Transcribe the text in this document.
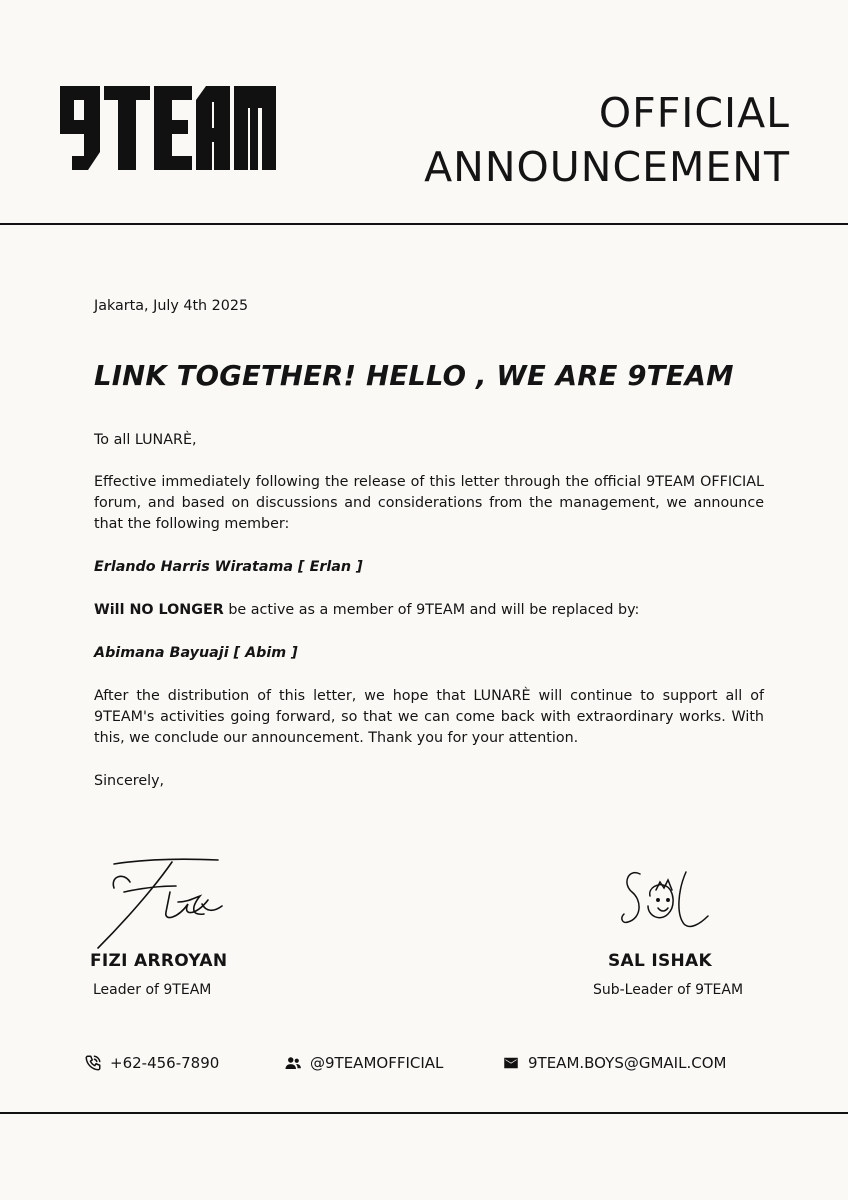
OFFICIAL
ANNOUNCEMENT
Jakarta, July 4th 2025
LINK TOGETHER! HELLO , WE ARE 9TEAM
To all LUNARÈ,
Effective immediately following the release of this letter through the official 9TEAM OFFICIAL forum, and based on discussions and considerations from the management, we announce that the following member:
Erlando Harris Wiratama [ Erlan ]
Will NO LONGER be active as a member of 9TEAM and will be replaced by:
Abimana Bayuaji [ Abim ]
After the distribution of this letter, we hope that LUNARÈ will continue to support all of 9TEAM's activities going forward, so that we can come back with extraordinary works. With this, we conclude our announcement. Thank you for your attention.
Sincerely,
FIZI ARROYAN
Leader of 9TEAM
SAL ISHAK
Sub-Leader of 9TEAM
+62-456-7890	@9TEAMOFFICIAL	9TEAM.BOYS@GMAIL.COM
